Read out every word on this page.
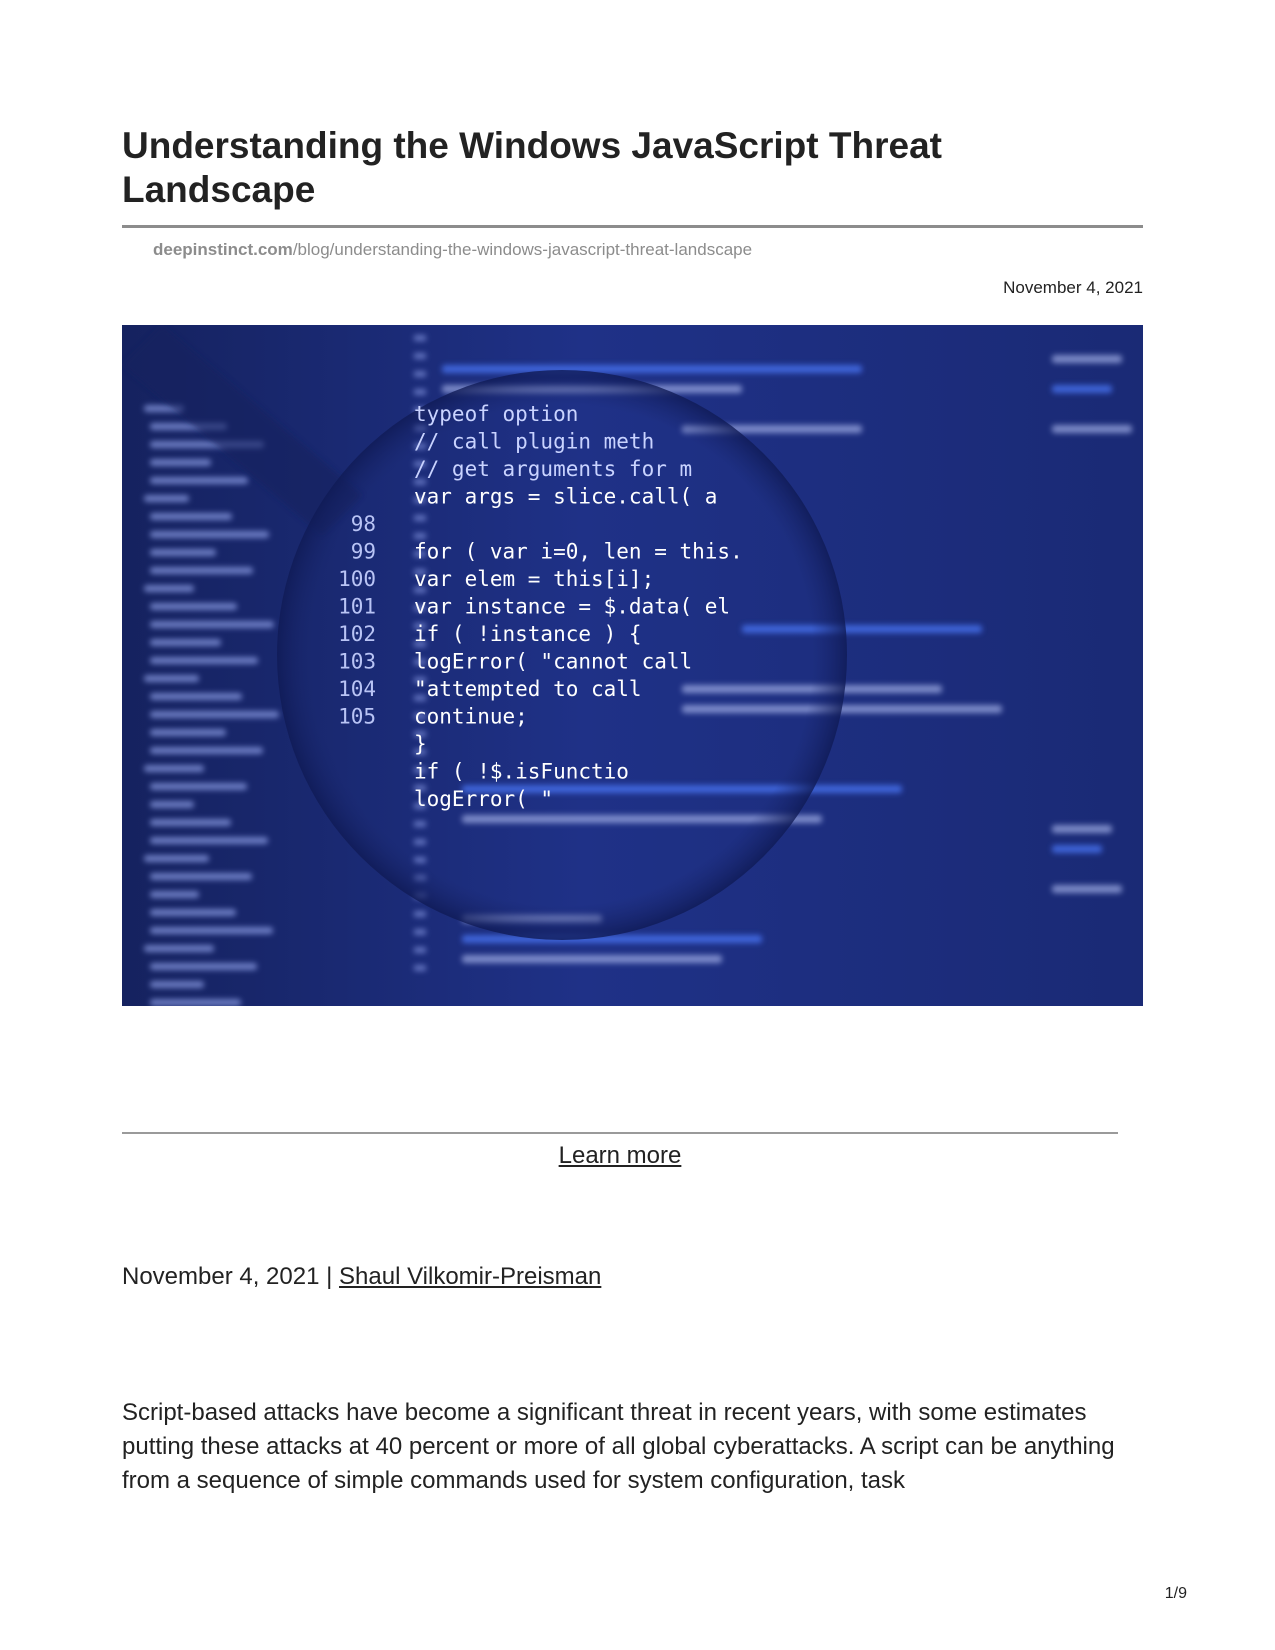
Understanding the Windows JavaScript Threat Landscape
deepinstinct.com/blog/understanding-the-windows-javascript-threat-landscape
November 4, 2021
typeof option
// call plugin meth
// get arguments for m
var args = slice.call( a
98
99 for ( var i=0, len = this.
100 var elem = this[i];
101 var instance = $.data( el
102 if ( !instance ) {
103 logError( "cannot call
104 "attempted to call
105 continue;
}
if ( !$.isFunctio
logError( "
Learn more
November 4, 2021 | Shaul Vilkomir-Preisman

Script-based attacks have become a significant threat in recent years, with some estimates putting these attacks at 40 percent or more of all global cyberattacks. A script can be anything from a sequence of simple commands used for system configuration, task

1/9
